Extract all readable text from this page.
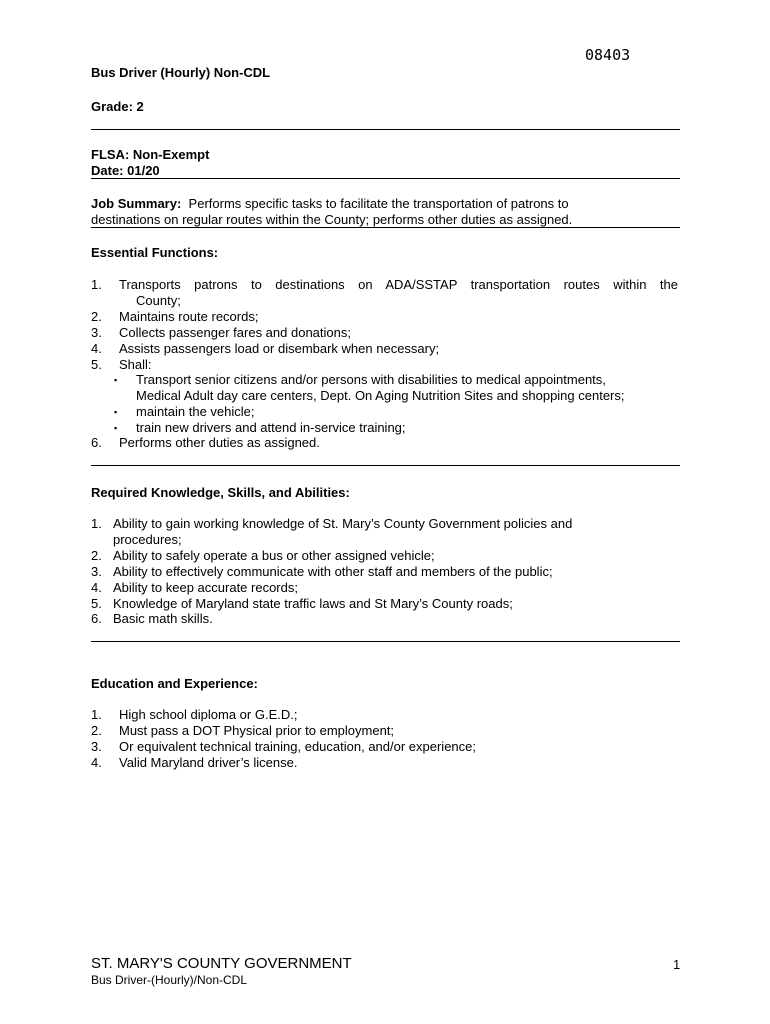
08403
Bus Driver (Hourly) Non-CDL
Grade: 2
FLSA: Non-Exempt
Date: 01/20
Job Summary: Performs specific tasks to facilitate the transportation of patrons to
destinations on regular routes within the County; performs other duties as assigned.
Essential Functions:
1. Transports patrons to destinations on ADA/SSTAP transportation routes within the
County;
2. Maintains route records;
3. Collects passenger fares and donations;
4. Assists passengers load or disembark when necessary;
5. Shall:
▪ Transport senior citizens and/or persons with disabilities to medical appointments,
Medical Adult day care centers, Dept. On Aging Nutrition Sites and shopping centers;
▪ maintain the vehicle;
▪ train new drivers and attend in-service training;
6. Performs other duties as assigned.
Required Knowledge, Skills, and Abilities:
1. Ability to gain working knowledge of St. Mary’s County Government policies and
procedures;
2. Ability to safely operate a bus or other assigned vehicle;
3. Ability to effectively communicate with other staff and members of the public;
4. Ability to keep accurate records;
5. Knowledge of Maryland state traffic laws and St Mary’s County roads;
6. Basic math skills.
Education and Experience:
1. High school diploma or G.E.D.;
2. Must pass a DOT Physical prior to employment;
3. Or equivalent technical training, education, and/or experience;
4. Valid Maryland driver’s license.
ST. MARY'S COUNTY GOVERNMENT
Bus Driver-(Hourly)/Non-CDL
1
